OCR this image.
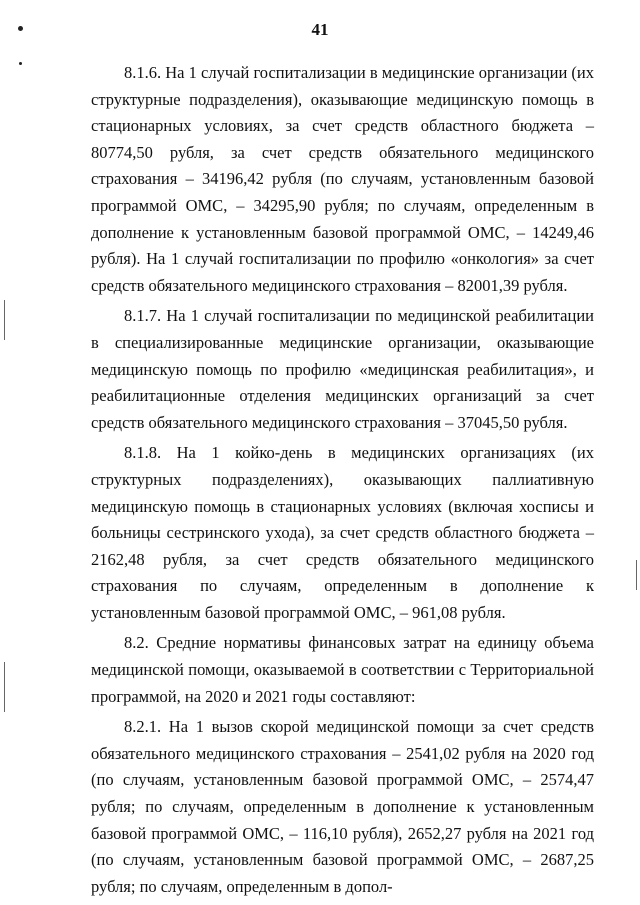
41

8.1.6. На 1 случай госпитализации в медицинские организации (их структурные подразделения), оказывающие медицинскую помощь в стационарных условиях, за счет средств областного бюджета – 80774,50 рубля, за счет средств обязательного медицинского страхования – 34196,42 рубля (по случаям, установленным базовой программой ОМС, – 34295,90 рубля; по случаям, определенным в дополнение к установленным базовой программой ОМС, – 14249,46 рубля). На 1 случай госпитализации по профилю «онкология» за счет средств обязательного медицинского страхования – 82001,39 рубля.

8.1.7. На 1 случай госпитализации по медицинской реабилитации в специализированные медицинские организации, оказывающие медицинскую помощь по профилю «медицинская реабилитация», и реабилитационные отделения медицинских организаций за счет средств обязательного медицинского страхования – 37045,50 рубля.

8.1.8. На 1 койко-день в медицинских организациях (их структурных подразделениях), оказывающих паллиативную медицинскую помощь в стационарных условиях (включая хосписы и больницы сестринского ухода), за счет средств областного бюджета – 2162,48 рубля, за счет средств обязательного медицинского страхования по случаям, определенным в дополнение к установленным базовой программой ОМС, – 961,08 рубля.

8.2. Средние нормативы финансовых затрат на единицу объема медицинской помощи, оказываемой в соответствии с Территориальной программой, на 2020 и 2021 годы составляют:

8.2.1. На 1 вызов скорой медицинской помощи за счет средств обязательного медицинского страхования – 2541,02 рубля на 2020 год (по случаям, установленным базовой программой ОМС, – 2574,47 рубля; по случаям, определенным в дополнение к установленным базовой программой ОМС, – 116,10 рубля), 2652,27 рубля на 2021 год (по случаям, установленным базовой программой ОМС, – 2687,25 рубля; по случаям, определенным в допол-
